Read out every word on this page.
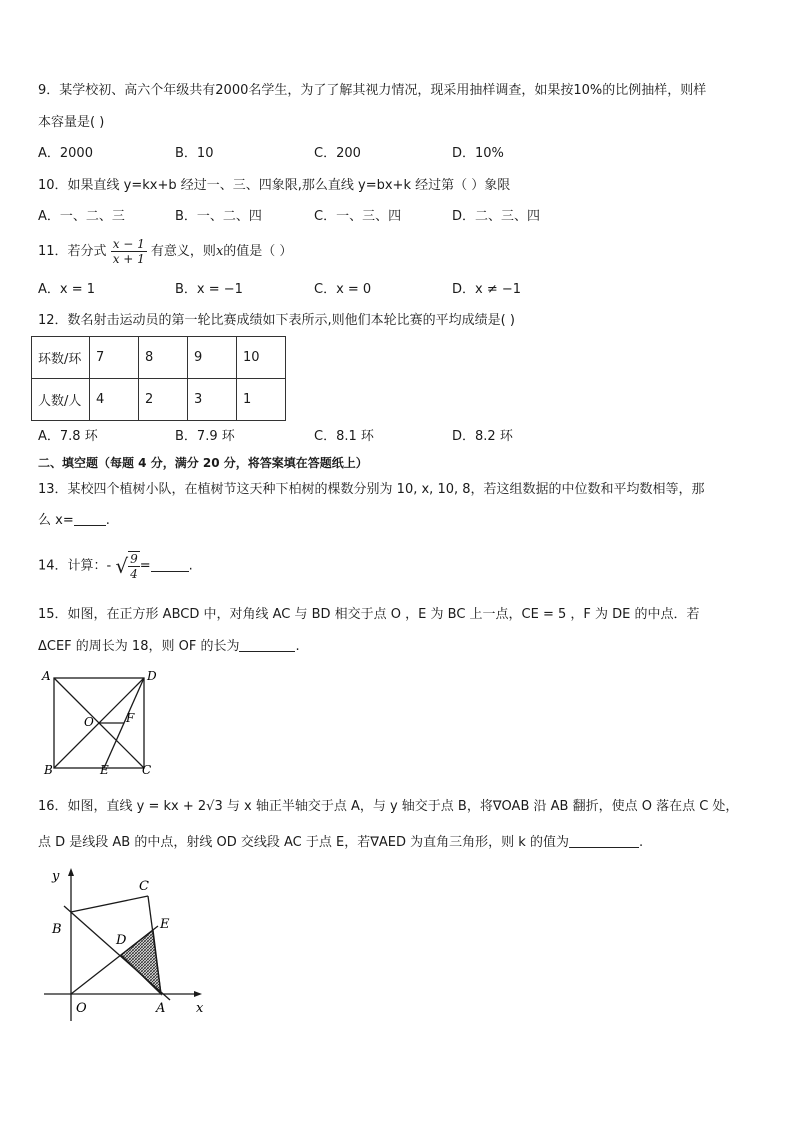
9．某学校初、高六个年级共有2000名学生，为了了解其视力情况，现采用抽样调查，如果按10%的比例抽样，则样
本容量是( )
A．2000	B．10	C．200	D．10%
10．如果直线 y=kx+b 经过一、三、四象限,那么直线 y=bx+k 经过第（ ）象限
A．一、二、三	B．一、二、四	C．一、三、四	D．二、三、四
11．若分式 $\frac{x - 1}{x + 1}$ 有意义，则x的值是（ ）
A．x = 1	B．x = −1	C．x = 0	D．x ≠ −1
12．数名射击运动员的第一轮比赛成绩如下表所示,则他们本轮比赛的平均成绩是( )
环数/环	7	8	9	10
人数/人	4	2	3	1
A．7.8 环	B．7.9 环	C．8.1 环	D．8.2 环
二、填空题（每题 4 分，满分 20 分，将答案填在答题纸上）
13．某校四个植树小队，在植树节这天种下柏树的棵数分别为 10, x, 10, 8，若这组数据的中位数和平均数相等，那
么 x= .
14．计算：- √ $\frac{9}{4}$ =	.
15．如图，在正方形 ABCD 中，对角线 AC 与 BD 相交于点 O ，E 为 BC 上一点，CE = 5 ，F 为 DE 的中点．若
ΔCEF 的周长为 18，则 OF 的长为	.
A	D
B	E	C
O	F
16．如图，直线 y = kx + 2√3 与 x 轴正半轴交于点 A，与 y 轴交于点 B，将∇OAB 沿 AB 翻折，使点 O 落在点 C 处，
点 D 是线段 AB 的中点，射线 OD 交线段 AC 于点 E，若∇AED 为直角三角形，则 k 的值为	.
y
x
O	A
B
C
D
E
